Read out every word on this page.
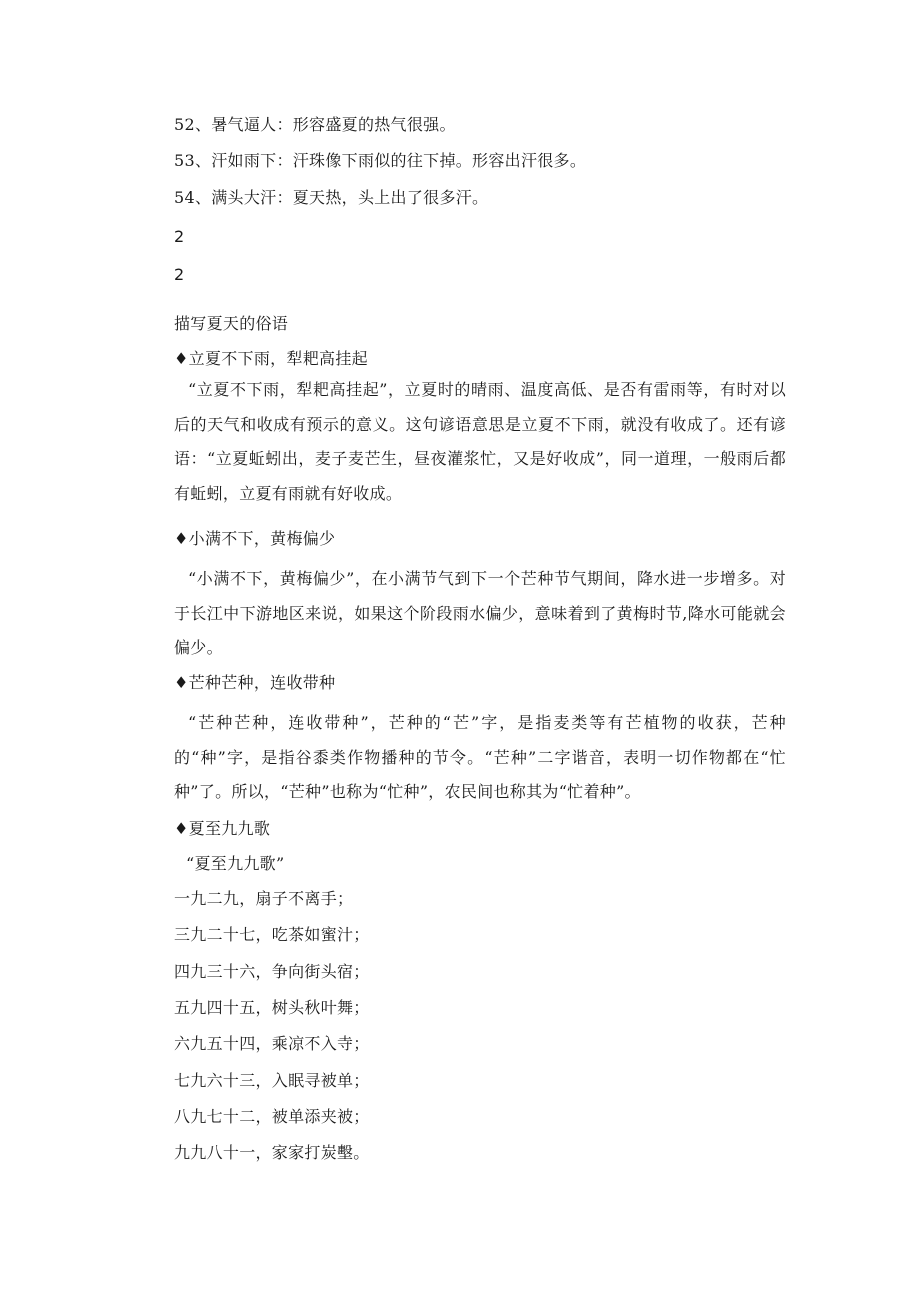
52、暑气逼人：形容盛夏的热气很强。
53、汗如雨下：汗珠像下雨似的往下掉。形容出汗很多。
54、满头大汗：夏天热，头上出了很多汗。
2
2
描写夏天的俗语
♦立夏不下雨，犁耙高挂起
“立夏不下雨，犁耙高挂起”，立夏时的晴雨、温度高低、是否有雷雨等，有时对以后的天气和收成有预示的意义。这句谚语意思是立夏不下雨，就没有收成了。还有谚语：“立夏蚯蚓出，麦子麦芒生，昼夜灌浆忙，又是好收成”，同一道理，一般雨后都有蚯蚓，立夏有雨就有好收成。
♦小满不下，黄梅偏少
“小满不下，黄梅偏少”，在小满节气到下一个芒种节气期间，降水进一步增多。对于长江中下游地区来说，如果这个阶段雨水偏少，意味着到了黄梅时节,降水可能就会偏少。
♦芒种芒种，连收带种
“芒种芒种，连收带种”，芒种的“芒”字，是指麦类等有芒植物的收获，芒种的“种”字，是指谷黍类作物播种的节令。“芒种”二字谐音，表明一切作物都在“忙种”了。所以，“芒种”也称为“忙种”，农民间也称其为“忙着种”。
♦夏至九九歌
“夏至九九歌”
一九二九，扇子不离手；
三九二十七，吃茶如蜜汁；
四九三十六，争向街头宿；
五九四十五，树头秋叶舞；
六九五十四，乘凉不入寺；
七九六十三，入眠寻被单；
八九七十二，被单添夹被；
九九八十一，家家打炭墼。
